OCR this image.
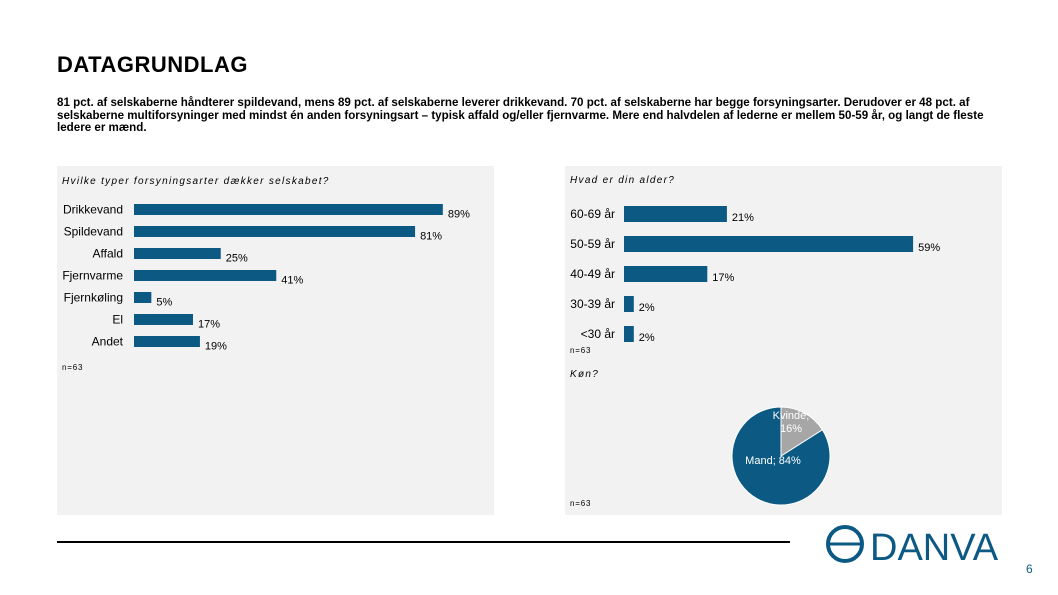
DATAGRUNDLAG
81 pct. af selskaberne håndterer spildevand, mens 89 pct. af selskaberne leverer drikkevand. 70 pct. af selskaberne har begge forsyningsarter. Derudover er 48 pct. af selskaberne multiforsyninger med mindst én anden forsyningsart – typisk affald og/eller fjernvarme. Mere end halvdelen af lederne er mellem 50-59 år, og langt de fleste ledere er mænd.
Hvilke typer forsyningsarter dækker selskabet?
Drikkevand	89%
Spildevand	81%
Affald	25%
Fjernvarme	41%
Fjernkøling	5%
El	17%
Andet	19%
n=63
Hvad er din alder?
60-69 år	21%
50-59 år	59%
40-49 år	17%
30-39 år 2%
<30 år 2%
n=63
Køn?
Kvinde; 16%
Mand; 84%
n=63
DANVA 6
